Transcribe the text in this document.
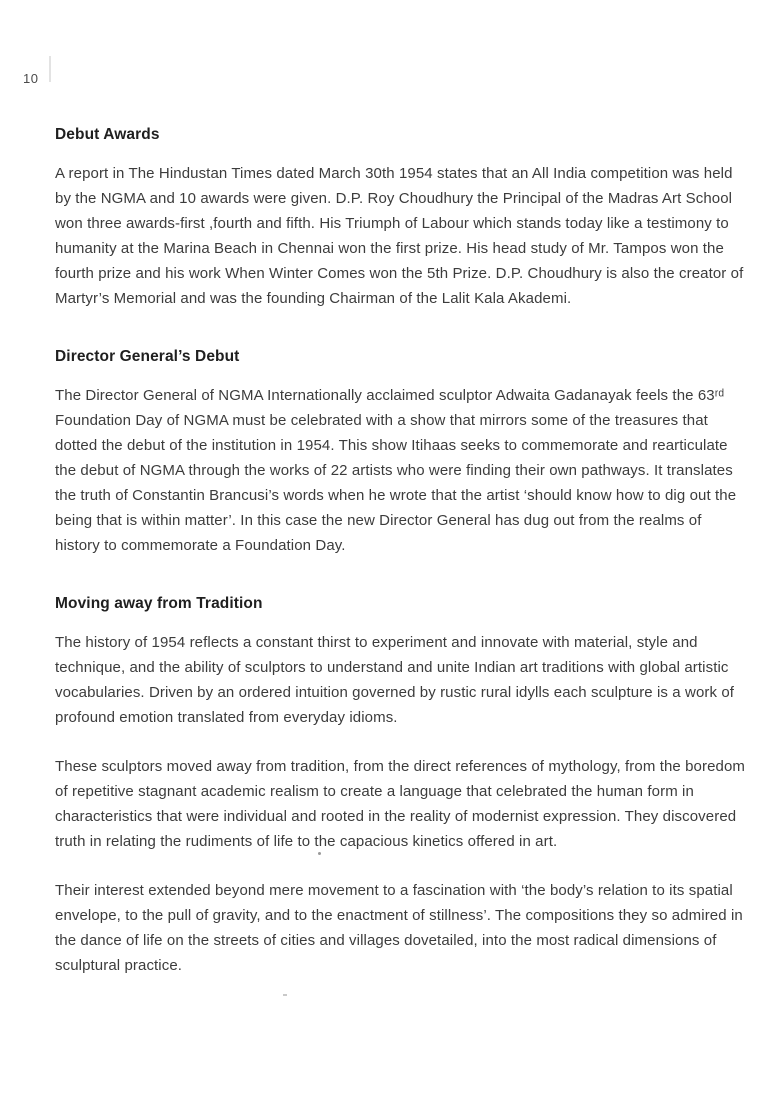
10
Debut Awards

A report in The Hindustan Times dated March 30th 1954 states that an All India competition was held by the NGMA and 10 awards were given. D.P. Roy Choudhury the Principal of the Madras Art School won three awards-first ,fourth and fifth. His Triumph of Labour which stands today like a testimony to humanity at the Marina Beach in Chennai won the first prize. His head study of Mr. Tampos won the fourth prize and his work When Winter Comes won the 5th Prize. D.P. Choudhury is also the creator of Martyr’s Memorial and was the founding Chairman of the Lalit Kala Akademi.

Director General’s Debut

The Director General of NGMA Internationally acclaimed sculptor Adwaita Gadanayak feels the 63ʳᵈ Foundation Day of NGMA must be celebrated with a show that mirrors some of the treasures that dotted the debut of the institution in 1954. This show Itihaas seeks to commemorate and rearticulate the debut of NGMA through the works of 22 artists who were finding their own pathways. It translates the truth of Constantin Brancusi’s words when he wrote that the artist ‘should know how to dig out the being that is within matter’. In this case the new Director General has dug out from the realms of history to commemorate a Foundation Day.

Moving away from Tradition

The history of 1954 reflects a constant thirst to experiment and innovate with material, style and technique, and the ability of sculptors to understand and unite Indian art traditions with global artistic vocabularies. Driven by an ordered intuition governed by rustic rural idylls each sculpture is a work of profound emotion translated from everyday idioms.

These sculptors moved away from tradition, from the direct references of mythology, from the boredom of repetitive stagnant academic realism to create a language that celebrated the human form in characteristics that were individual and rooted in the reality of modernist expression. They discovered truth in relating the rudiments of life to the capacious kinetics offered in art.

Their interest extended beyond mere movement to a fascination with ‘the body’s relation to its spatial envelope, to the pull of gravity, and to the enactment of stillness’. The compositions they so admired in the dance of life on the streets of cities and villages dovetailed, into the most radical dimensions of sculptural practice.
